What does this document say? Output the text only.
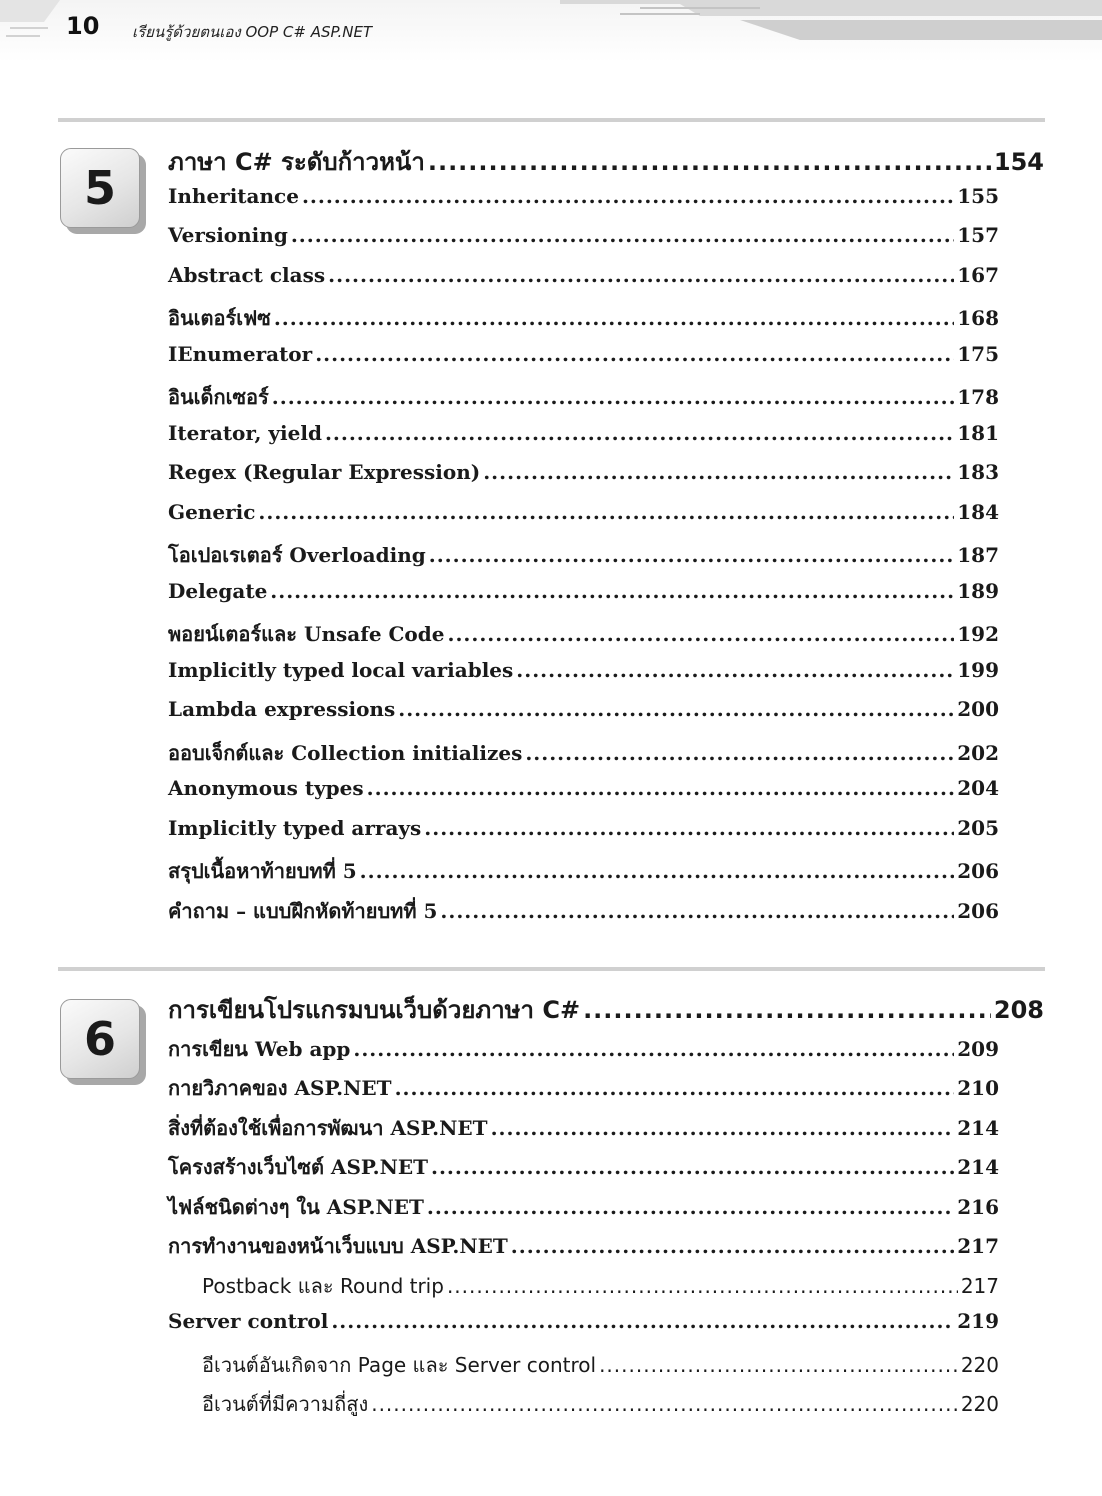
10 เรียนรู้ด้วยตนเอง OOP C# ASP.NET
5	ภาษา C# ระดับก้าวหน้า .....	154
Inheritance .....	155
Versioning .....	157
Abstract class .....	167
อินเตอร์เฟซ .....	168
IEnumerator .....	175
อินเด็กเซอร์ .....	178
Iterator, yield .....	181
Regex (Regular Expression) .....	183
Generic .....	184
โอเปอเรเตอร์ Overloading .....	187
Delegate .....	189
พอยน์เตอร์และ Unsafe Code .....	192
Implicitly typed local variables .....	199
Lambda expressions .....	200
ออบเจ็กต์และ Collection initializes .....	202
Anonymous types .....	204
Implicitly typed arrays .....	205
สรุปเนื้อหาท้ายบทที่ 5 .....	206
คำถาม – แบบฝึกหัดท้ายบทที่ 5 .....	206
6
การเขียนโปรแกรมบนเว็บด้วยภาษา C# .....	208
การเขียน Web app .....	209
กายวิภาคของ ASP.NET .....	210
สิ่งที่ต้องใช้เพื่อการพัฒนา ASP.NET .....	214
โครงสร้างเว็บไซต์ ASP.NET .....	214
ไฟล์ชนิดต่างๆ ใน ASP.NET .....	216
การทำงานของหน้าเว็บแบบ ASP.NET .....	217
Postback และ Round trip .....	217
Server control .....	219
อีเวนต์อันเกิดจาก Page และ Server control .....	220
อีเวนต์ที่มีความถี่สูง .....	220
